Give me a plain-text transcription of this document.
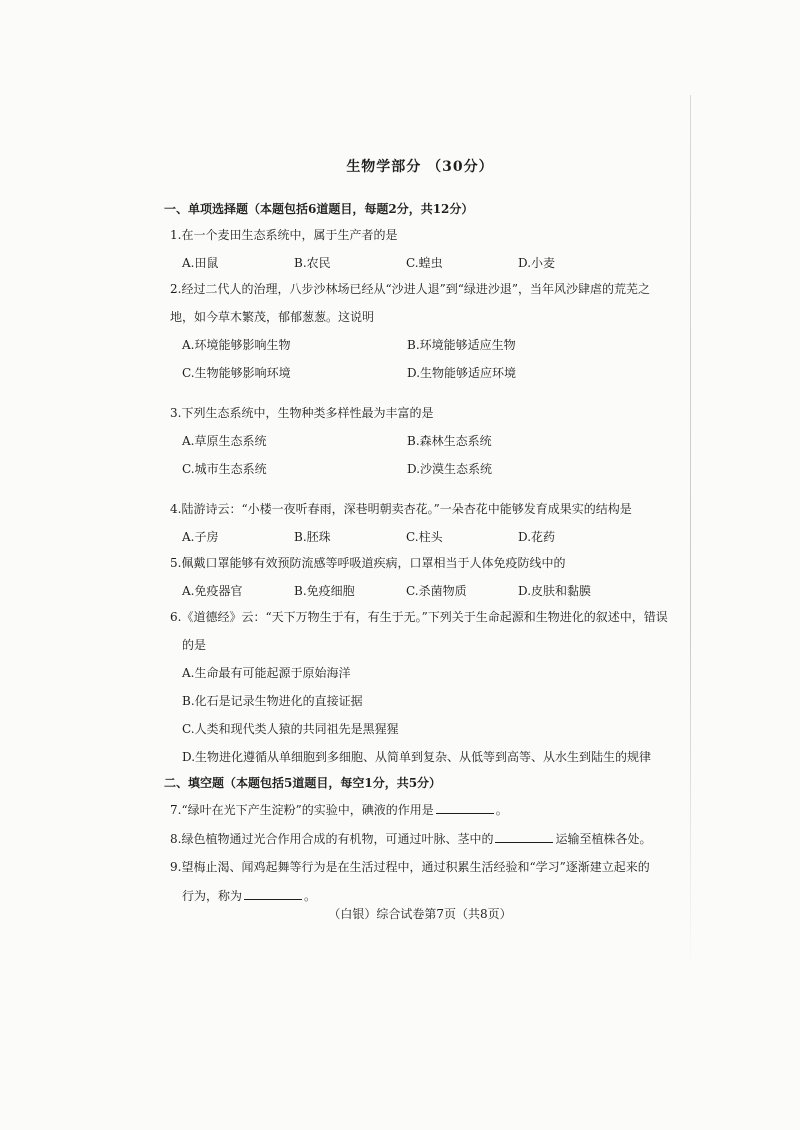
生物学部分 （30分）
一、单项选择题（本题包括6道题目，每题2分，共12分）
1.在一个麦田生态系统中，属于生产者的是
A.田鼠	B.农民	C.蝗虫	D.小麦
2.经过二代人的治理，八步沙林场已经从“沙进人退”到“绿进沙退”，当年风沙肆虐的荒芜之
地，如今草木繁茂，郁郁葱葱。这说明
A.环境能够影响生物	B.环境能够适应生物
C.生物能够影响环境	D.生物能够适应环境
3.下列生态系统中，生物种类多样性最为丰富的是
A.草原生态系统	B.森林生态系统
C.城市生态系统	D.沙漠生态系统
4.陆游诗云：“小楼一夜听春雨，深巷明朝卖杏花。”一朵杏花中能够发育成果实的结构是
A.子房	B.胚珠	C.柱头	D.花药
5.佩戴口罩能够有效预防流感等呼吸道疾病，口罩相当于人体免疫防线中的
A.免疫器官	B.免疫细胞	C.杀菌物质	D.皮肤和黏膜
6.《道德经》云：“天下万物生于有，有生于无。”下列关于生命起源和生物进化的叙述中，错误
的是
A.生命最有可能起源于原始海洋
B.化石是记录生物进化的直接证据
C.人类和现代类人猿的共同祖先是黑猩猩
D.生物进化遵循从单细胞到多细胞、从简单到复杂、从低等到高等、从水生到陆生的规律
二、填空题（本题包括5道题目，每空1分，共5分）
7.“绿叶在光下产生淀粉”的实验中，碘液的作用是	。
8.绿色植物通过光合作用合成的有机物，可通过叶脉、茎中的	运输至植株各处。
9.望梅止渴、闻鸡起舞等行为是在生活过程中，通过积累生活经验和“学习”逐渐建立起来的
行为，称为	。
（白银）综合试卷第7页（共8页）
